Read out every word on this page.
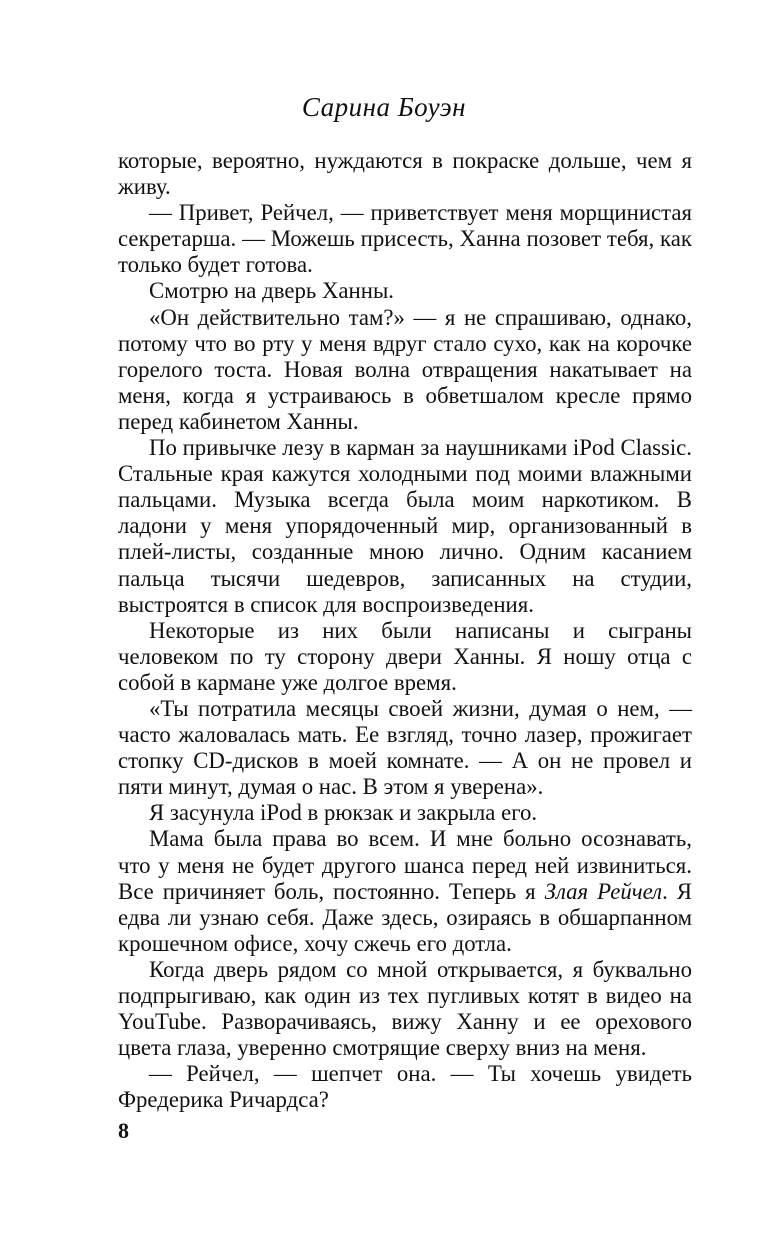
Сарина Боуэн

которые, вероятно, нуждаются в покраске дольше, чем я живу.

— Привет, Рейчел, — приветствует меня морщинистая секретарша. — Можешь присесть, Ханна позовет тебя, как только будет готова.

Смотрю на дверь Ханны.

«Он действительно там?» — я не спрашиваю, однако, потому что во рту у меня вдруг стало сухо, как на корочке горелого тоста. Новая волна отвращения накатывает на меня, когда я устраиваюсь в обветшалом кресле прямо перед кабинетом Ханны.

По привычке лезу в карман за наушниками iPod Classic. Стальные края кажутся холодными под моими влажными пальцами. Музыка всегда была моим наркотиком. В ладони у меня упорядоченный мир, организованный в плей-листы, созданные мною лично. Одним касанием пальца тысячи шедевров, записанных на студии, выстроятся в список для воспроизведения.

Некоторые из них были написаны и сыграны человеком по ту сторону двери Ханны. Я ношу отца с собой в кармане уже долгое время.

«Ты потратила месяцы своей жизни, думая о нем, — часто жаловалась мать. Ее взгляд, точно лазер, прожигает стопку CD-дисков в моей комнате. — А он не провел и пяти минут, думая о нас. В этом я уверена».

Я засунула iPod в рюкзак и закрыла его.

Мама была права во всем. И мне больно осознавать, что у меня не будет другого шанса перед ней извиниться. Все причиняет боль, постоянно. Теперь я Злая Рейчел. Я едва ли узнаю себя. Даже здесь, озираясь в обшарпанном крошечном офисе, хочу сжечь его дотла.

Когда дверь рядом со мной открывается, я буквально подпрыгиваю, как один из тех пугливых котят в видео на YouTube. Разворачиваясь, вижу Ханну и ее орехового цвета глаза, уверенно смотрящие сверху вниз на меня.

— Рейчел, — шепчет она. — Ты хочешь увидеть Фредерика Ричардса?

8
